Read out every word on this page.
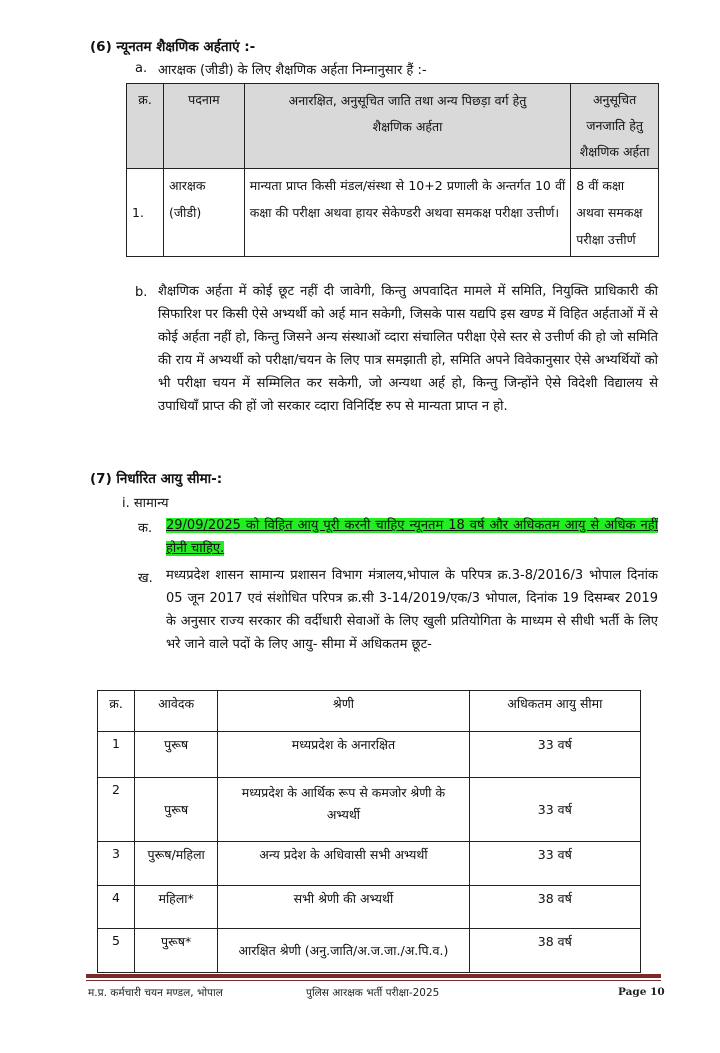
(6) न्यूनतम शैक्षणिक अर्हताएं :-
a. आरक्षक (जीडी) के लिए शैक्षणिक अर्हता निम्नानुसार हैं :-
क्र.	पदनाम	अनारक्षित, अनुसूचित जाति तथा अन्य पिछड़ा वर्ग हेतु शैक्षणिक अर्हता	अनुसूचित जनजाति हेतु शैक्षणिक अर्हता
1.	आरक्षक (जीडी)	मान्यता प्राप्त किसी मंडल/संस्था से 10+2 प्रणाली के अन्तर्गत 10 वीं कक्षा की परीक्षा अथवा हायर सेकेण्डरी अथवा समकक्ष परीक्षा उत्तीर्ण।	8 वीं कक्षा अथवा समकक्ष परीक्षा उत्तीर्ण
b. शैक्षणिक अर्हता में कोई छूट नहीं दी जावेगी, किन्तु अपवादित मामले में समिति, नियुक्ति प्राधिकारी की सिफारिश पर किसी ऐसे अभ्यर्थी को अर्ह मान सकेगी, जिसके पास यद्यपि इस खण्ड में विहित अर्हताओं में से कोई अर्हता नहीं हो, किन्तु जिसने अन्य संस्थाओं व्दारा संचालित परीक्षा ऐसे स्तर से उत्तीर्ण की हो जो समिति की राय में अभ्यर्थी को परीक्षा/चयन के लिए पात्र समझाती हो, समिति अपने विवेकानुसार ऐसे अभ्यर्थियों को भी परीक्षा चयन में सम्मिलित कर सकेगी, जो अन्यथा अर्ह हो, किन्तु जिन्होंने ऐसे विदेशी विद्यालय से उपाधियाँ प्राप्त की हों जो सरकार व्दारा विनिर्दिष्ट रुप से मान्यता प्राप्त न हो.
(7) निर्धारित आयु सीमा-:
i. सामान्य
क. 29/09/2025 को विहित आयु पूरी करनी चाहिए न्यूनतम 18 वर्ष और अधिकतम आयु से अधिक नहीं होनी चाहिए.
ख. मध्यप्रदेश शासन सामान्य प्रशासन विभाग मंत्रालय,भोपाल के परिपत्र क्र.3-8/2016/3 भोपाल दिनांक 05 जून 2017 एवं संशोधित परिपत्र क्र.सी 3-14/2019/एक/3 भोपाल, दिनांक 19 दिसम्बर 2019 के अनुसार राज्य सरकार की वर्दीधारी सेवाओं के लिए खुली प्रतियोगिता के माध्यम से सीधी भर्ती के लिए भरे जाने वाले पदों के लिए आयु- सीमा में अधिकतम छूट-
क्र.	आवेदक	श्रेणी	अधिकतम आयु सीमा
1	पुरूष	मध्यप्रदेश के अनारक्षित	33 वर्ष
2	पुरूष	मध्यप्रदेश के आर्थिक रूप से कमजोर श्रेणी के अभ्यर्थी	33 वर्ष
3	पुरूष/महिला	अन्य प्रदेश के अधिवासी सभी अभ्यर्थी	33 वर्ष
4	महिला*	सभी श्रेणी की अभ्यर्थी	38 वर्ष
5	पुरूष*	आरक्षित श्रेणी (अनु.जाति/अ.ज.जा./अ.पि.व.)	38 वर्ष
म.प्र. कर्मचारी चयन मण्डल, भोपाल	पुलिस आरक्षक भर्ती परीक्षा-2025	Page 10
